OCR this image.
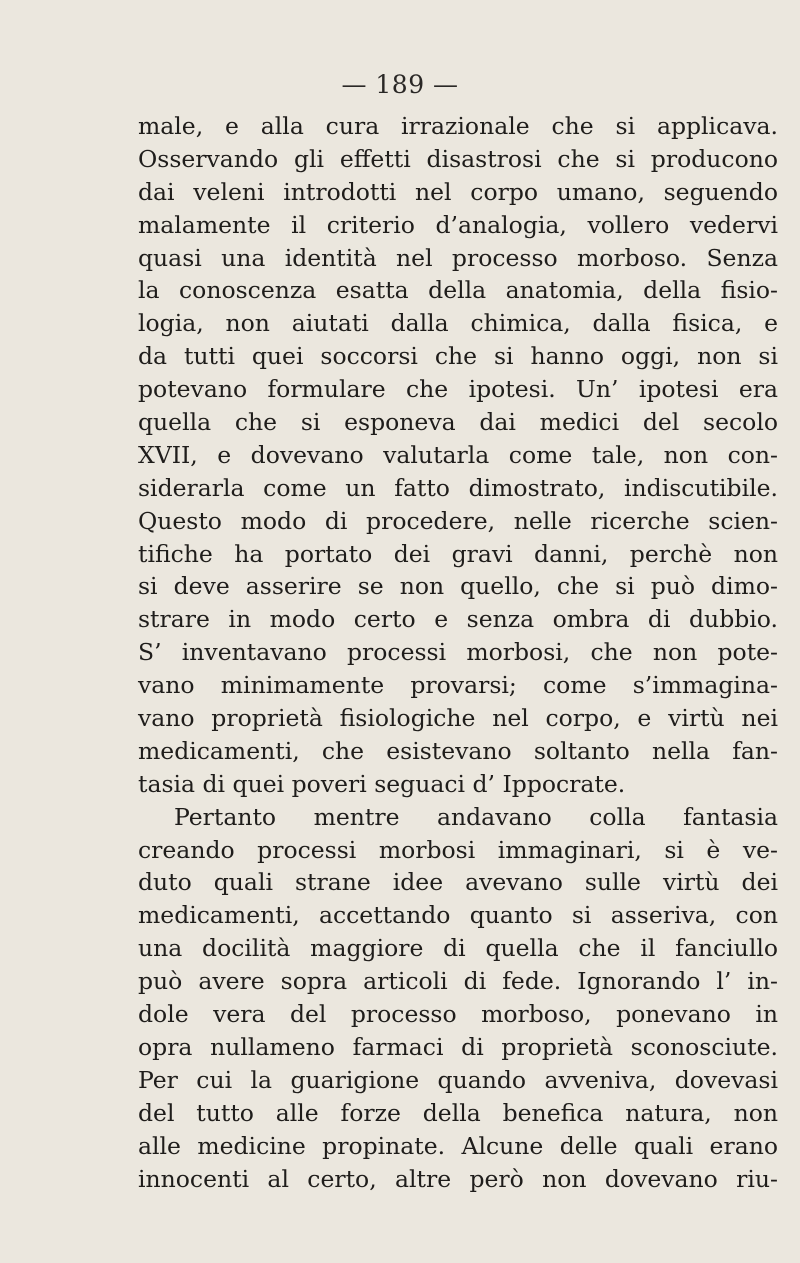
— 189 —
male, e alla cura irrazionale che si applicava.
Osservando gli effetti disastrosi che si producono
dai veleni introdotti nel corpo umano, seguendo
malamente il criterio d’analogia, vollero vedervi
quasi una identità nel processo morboso. Senza
la conoscenza esatta della anatomia, della fisio-
logia, non aiutati dalla chimica, dalla fisica, e
da tutti quei soccorsi che si hanno oggi, non si
potevano formulare che ipotesi. Un’ ipotesi era
quella che si esponeva dai medici del secolo
XVII, e dovevano valutarla come tale, non con-
siderarla come un fatto dimostrato, indiscutibile.
Questo modo di procedere, nelle ricerche scien-
tifiche ha portato dei gravi danni, perchè non
si deve asserire se non quello, che si può dimo-
strare in modo certo e senza ombra di dubbio.
S’ inventavano processi morbosi, che non pote-
vano minimamente provarsi; come s’immagina-
vano proprietà fisiologiche nel corpo, e virtù nei
medicamenti, che esistevano soltanto nella fan-
tasia di quei poveri seguaci d’ Ippocrate.
Pertanto mentre andavano colla fantasia
creando processi morbosi immaginari, si è ve-
duto quali strane idee avevano sulle virtù dei
medicamenti, accettando quanto si asseriva, con
una docilità maggiore di quella che il fanciullo
può avere sopra articoli di fede. Ignorando l’ in-
dole vera del processo morboso, ponevano in
opra nullameno farmaci di proprietà sconosciute.
Per cui la guarigione quando avveniva, dovevasi
del tutto alle forze della benefica natura, non
alle medicine propinate. Alcune delle quali erano
innocenti al certo, altre però non dovevano riu-
